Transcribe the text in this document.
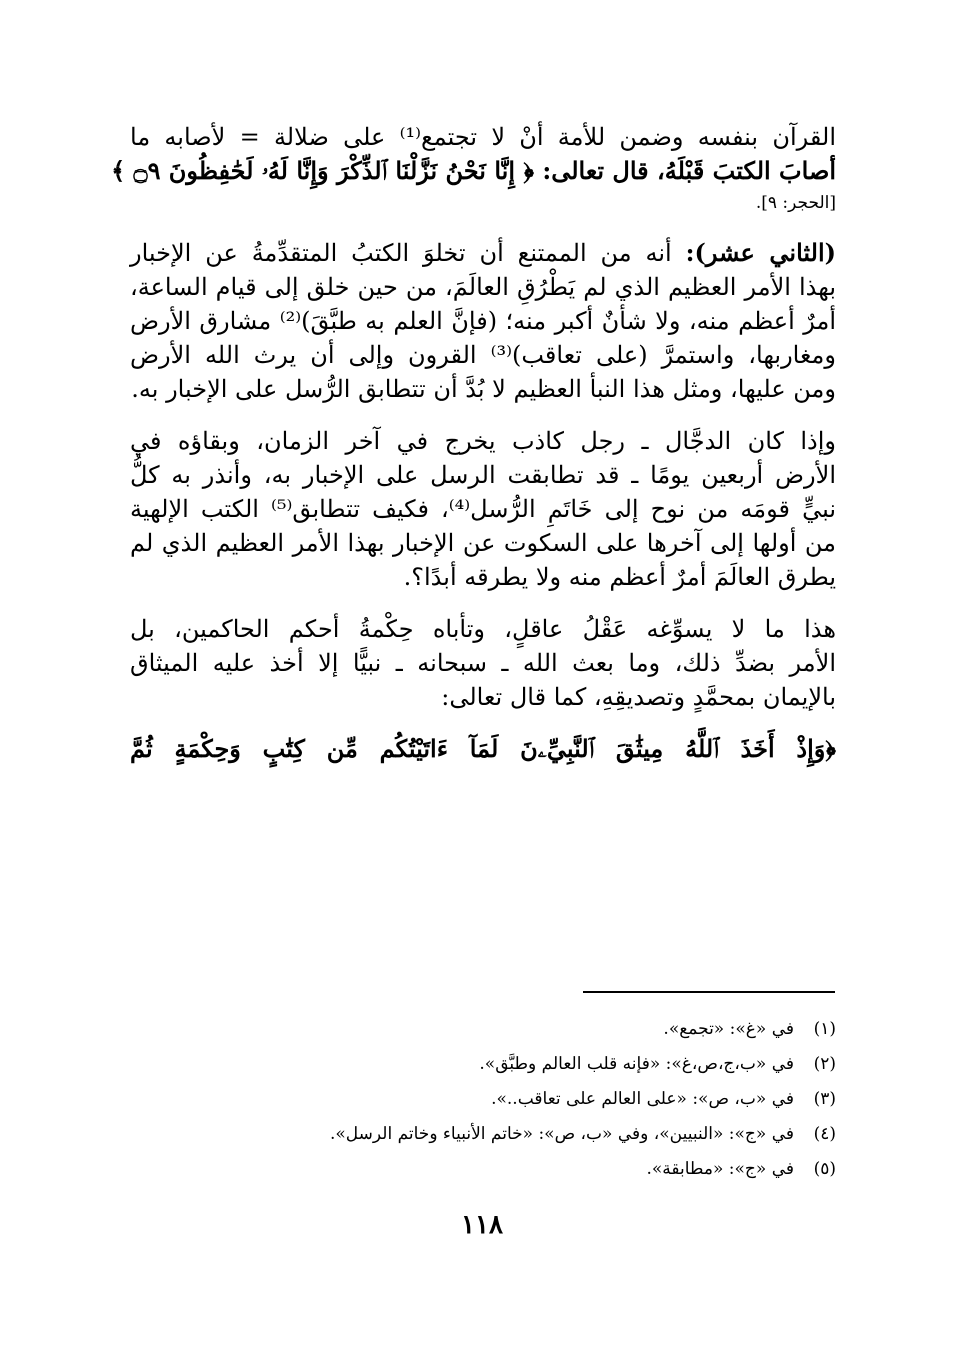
القرآن بنفسه وضمن للأمة أنْ لا تجتمع⁽¹⁾ على ضلالة = لأصابه ما
أصابَ الكتبَ قَبْلَهُ، قال تعالى: ﴿ إِنَّا نَحْنُ نَزَّلْنَا ٱلذِّكْرَ وَإِنَّا لَهُۥ لَحَٰفِظُونَ ۝٩ ﴾
[الحجر: ٩].
(الثاني عشر): أنه من الممتنع أن تخلوَ الكتبُ المتقدِّمةُ عن الإخبار
بهذا الأمر العظيم الذي لم يَطْرُقِ العالَمَ، من حين خلق إلى قيام الساعة،
أمرٌ أعظم منه، ولا شأنٌ أكبر منه؛ (فإنَّ العلم به طبَّقَ)⁽²⁾ مشارق الأرض
ومغاربها، واستمرَّ (على تعاقب)⁽³⁾ القرون وإلى أن يرث الله الأرض
ومن عليها، ومثل هذا النبأ العظيم لا بُدَّ أن تتطابق الرُّسل على الإخبار به.
وإذا كان الدجَّال ـ رجل كاذب يخرج في آخر الزمان، وبقاؤه في
الأرض أربعين يومًا ـ قد تطابقت الرسل على الإخبار به، وأنذر به كلُّ
نبيٍّ قومَه من نوح إلى خَاتَمِ الرُّسل⁽⁴⁾، فكيف تتطابق⁽⁵⁾ الكتب الإلهية
من أولها إلى آخرها على السكوت عن الإخبار بهذا الأمر العظيم الذي لم
يطرق العالَمَ أمرٌ أعظم منه ولا يطرقه أبدًا؟.
هذا ما لا يسوِّغه عَقْلُ عاقلٍ، وتأباه حِكْمةُ أحكم الحاكمين، بل
الأمر بضدِّ ذلك، وما بعث الله ـ سبحانه ـ نبيًّا إلا أخذ عليه الميثاق
بالإيمان بمحمَّدٍ وتصديقِهِ، كما قال تعالى:
﴿وَإِذْ أَخَذَ ٱللَّهُ مِيثَٰقَ ٱلنَّبِيِّۦنَ لَمَآ ءَاتَيْتُكُم مِّن كِتَٰبٍ وَحِكْمَةٍ ثُمَّ
(١)
في «غ»: «تجمع».
(٢)
في «ب،ج،ص،غ»: «فإنه قلب العالم وطبَّق».
(٣)
في «ب، ص»: «على العالم على تعاقب..».
(٤)
في «ج»: «النبيين»، وفي «ب، ص»: «خاتم الأنبياء وخاتم الرسل».
(٥)
في «ج»: «مطابقة».
١١٨
